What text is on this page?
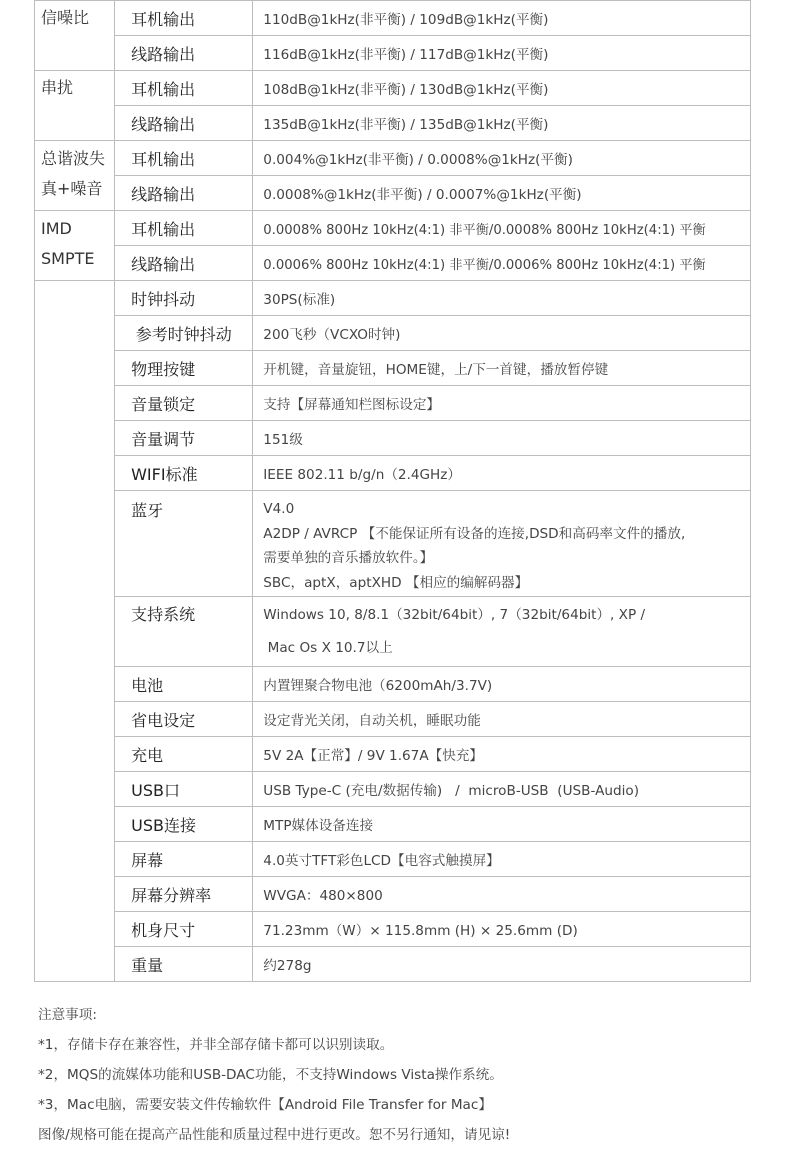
信噪比	耳机输出	110dB@1kHz(非平衡) / 109dB@1kHz(平衡)
	线路输出	116dB@1kHz(非平衡) / 117dB@1kHz(平衡)
串扰	耳机输出	108dB@1kHz(非平衡) / 130dB@1kHz(平衡)
	线路输出	135dB@1kHz(非平衡) / 135dB@1kHz(平衡)

总谐波失
真+噪音	耳机输出	0.004%@1kHz(非平衡) / 0.0008%@1kHz(平衡)
	线路输出	0.0008%@1kHz(非平衡) / 0.0007%@1kHz(平衡)

IMD
SMPTE	耳机输出	0.0008% 800Hz 10kHz(4:1) 非平衡/0.0008% 800Hz 10kHz(4:1) 平衡
	线路输出	0.0006% 800Hz 10kHz(4:1) 非平衡/0.0006% 800Hz 10kHz(4:1) 平衡
	时钟抖动	30PS(标准)
	参考时钟抖动	200飞秒（VCXO时钟)
	物理按键	开机键，音量旋钮，HOME键，上/下一首键，播放暂停键
	音量锁定	支持【屏幕通知栏图标设定】
	音量调节	151级
	WIFI标准	IEEE 802.11 b/g/n（2.4GHz）
	蓝牙	V4.0
A2DP / AVRCP 【不能保证所有设备的连接,DSD和高码率文件的播放,
需要单独的音乐播放软件。】
SBC，aptX，aptXHD 【相应的编解码器】

	支持系统	Windows 10, 8/8.1（32bit/64bit）, 7（32bit/64bit）, XP /
Mac Os X 10.7以上

	电池	内置锂聚合物电池（6200mAh/3.7V)
	省电设定	设定背光关闭，自动关机，睡眠功能
	充电	5V 2A【正常】/ 9V 1.67A【快充】
	USB口	USB Type-C (充电/数据传输)   /  microB-USB  (USB-Audio)
	USB连接	MTP媒体设备连接
	屏幕	4.0英寸TFT彩色LCD【电容式触摸屏】
	屏幕分辨率	WVGA：480×800
	机身尺寸	71.23mm（W）× 115.8mm (H) × 25.6mm (D)
	重量	约278g
注意事项:
*1，存储卡存在兼容性，并非全部存储卡都可以识别读取。
*2，MQS的流媒体功能和USB-DAC功能，不支持Windows Vista操作系统。
*3，Mac电脑，需要安装文件传输软件【Android File Transfer for Mac】
图像/规格可能在提高产品性能和质量过程中进行更改。恕不另行通知，请见谅!
